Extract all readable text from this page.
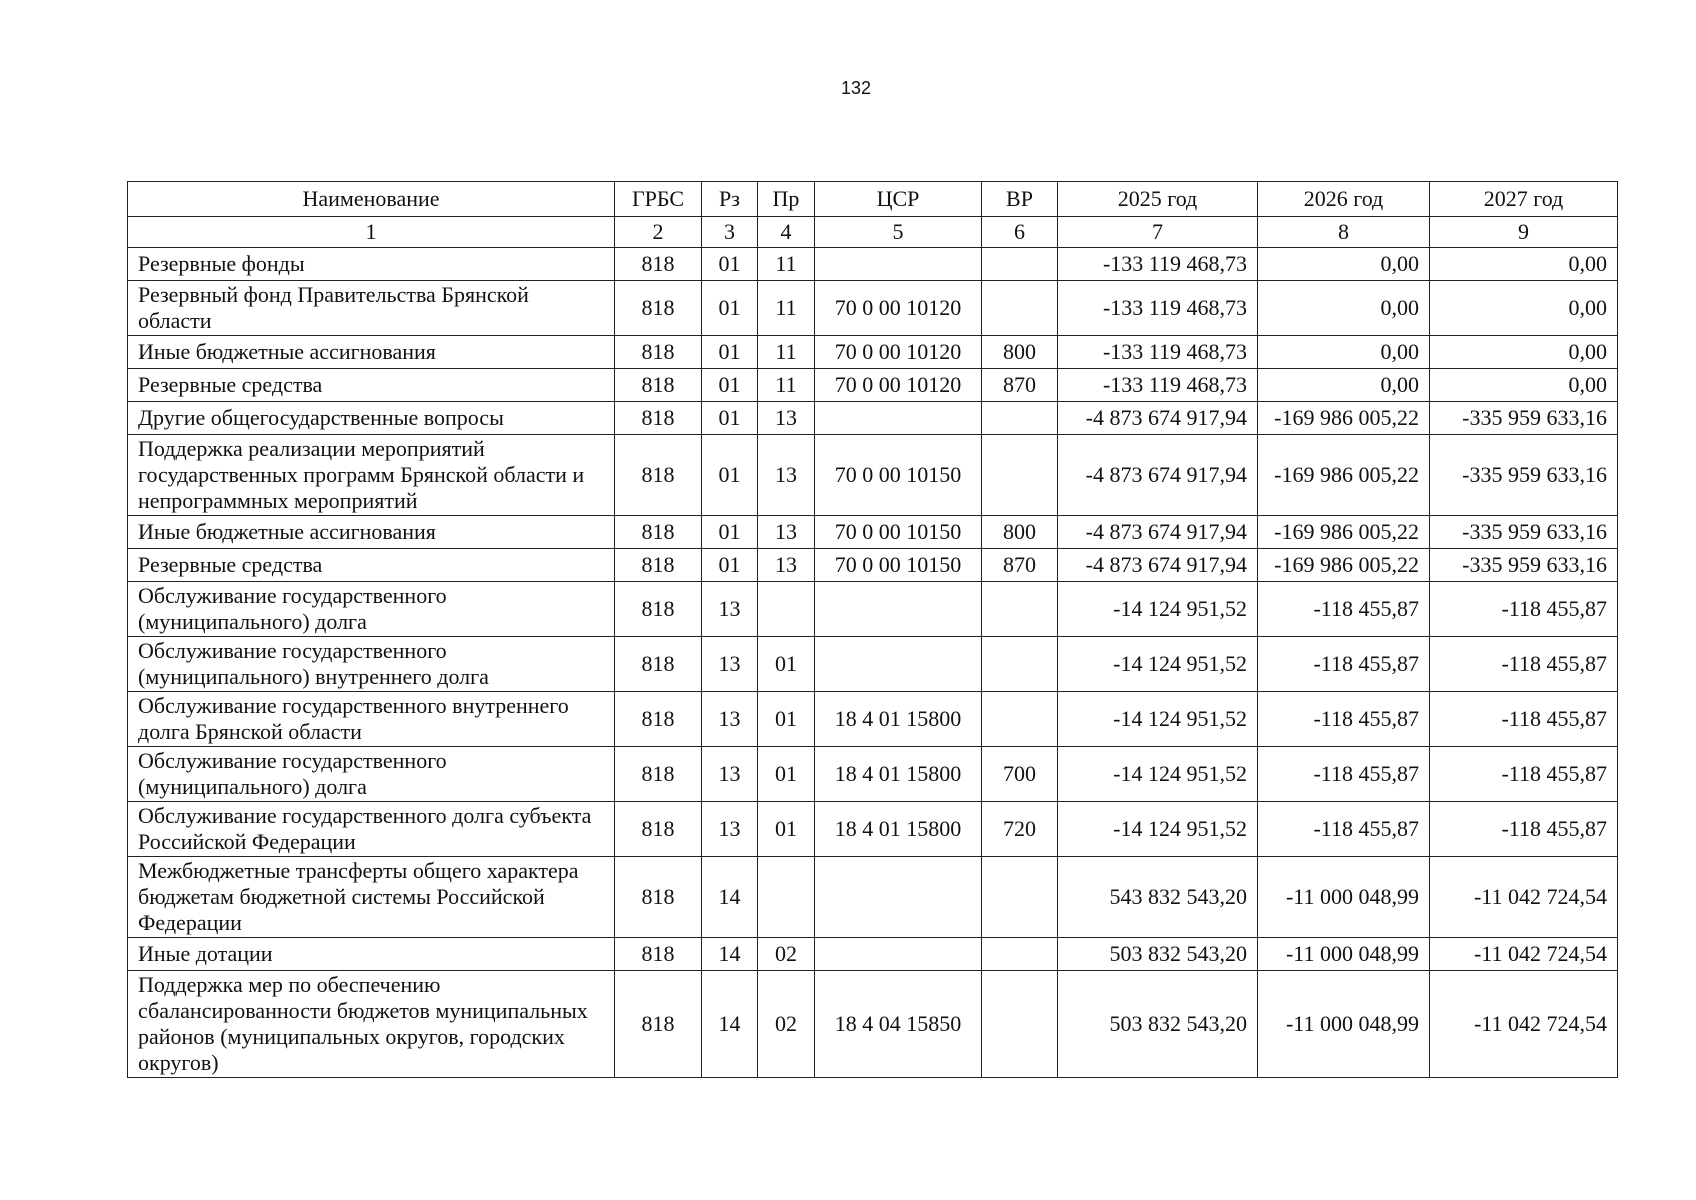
132
Наименование	ГРБС	Рз	Пр	ЦСР	ВР	2025 год	2026 год	2027 год
1	2	3	4	5	6	7	8	9
Резервные фонды	818	01	11			-133 119 468,73	0,00	0,00
Резервный фонд Правительства Брянской области	818	01	11	70 0 00 10120		-133 119 468,73	0,00	0,00
Иные бюджетные ассигнования	818	01	11	70 0 00 10120	800	-133 119 468,73	0,00	0,00
Резервные средства	818	01	11	70 0 00 10120	870	-133 119 468,73	0,00	0,00
Другие общегосударственные вопросы	818	01	13			-4 873 674 917,94	-169 986 005,22	-335 959 633,16
Поддержка реализации мероприятий государственных программ Брянской области и непрограммных мероприятий	818	01	13	70 0 00 10150		-4 873 674 917,94	-169 986 005,22	-335 959 633,16
Иные бюджетные ассигнования	818	01	13	70 0 00 10150	800	-4 873 674 917,94	-169 986 005,22	-335 959 633,16
Резервные средства	818	01	13	70 0 00 10150	870	-4 873 674 917,94	-169 986 005,22	-335 959 633,16
Обслуживание государственного (муниципального) долга	818	13				-14 124 951,52	-118 455,87	-118 455,87
Обслуживание государственного (муниципального) внутреннего долга	818	13	01			-14 124 951,52	-118 455,87	-118 455,87
Обслуживание государственного внутреннего долга Брянской области	818	13	01	18 4 01 15800		-14 124 951,52	-118 455,87	-118 455,87
Обслуживание государственного (муниципального) долга	818	13	01	18 4 01 15800	700	-14 124 951,52	-118 455,87	-118 455,87
Обслуживание государственного долга субъекта Российской Федерации	818	13	01	18 4 01 15800	720	-14 124 951,52	-118 455,87	-118 455,87
Межбюджетные трансферты общего характера бюджетам бюджетной системы Российской Федерации	818	14				543 832 543,20	-11 000 048,99	-11 042 724,54
Иные дотации	818	14	02			503 832 543,20	-11 000 048,99	-11 042 724,54
Поддержка мер по обеспечению сбалансированности бюджетов муниципальных районов (муниципальных округов, городских округов)	818	14	02	18 4 04 15850		503 832 543,20	-11 000 048,99	-11 042 724,54
